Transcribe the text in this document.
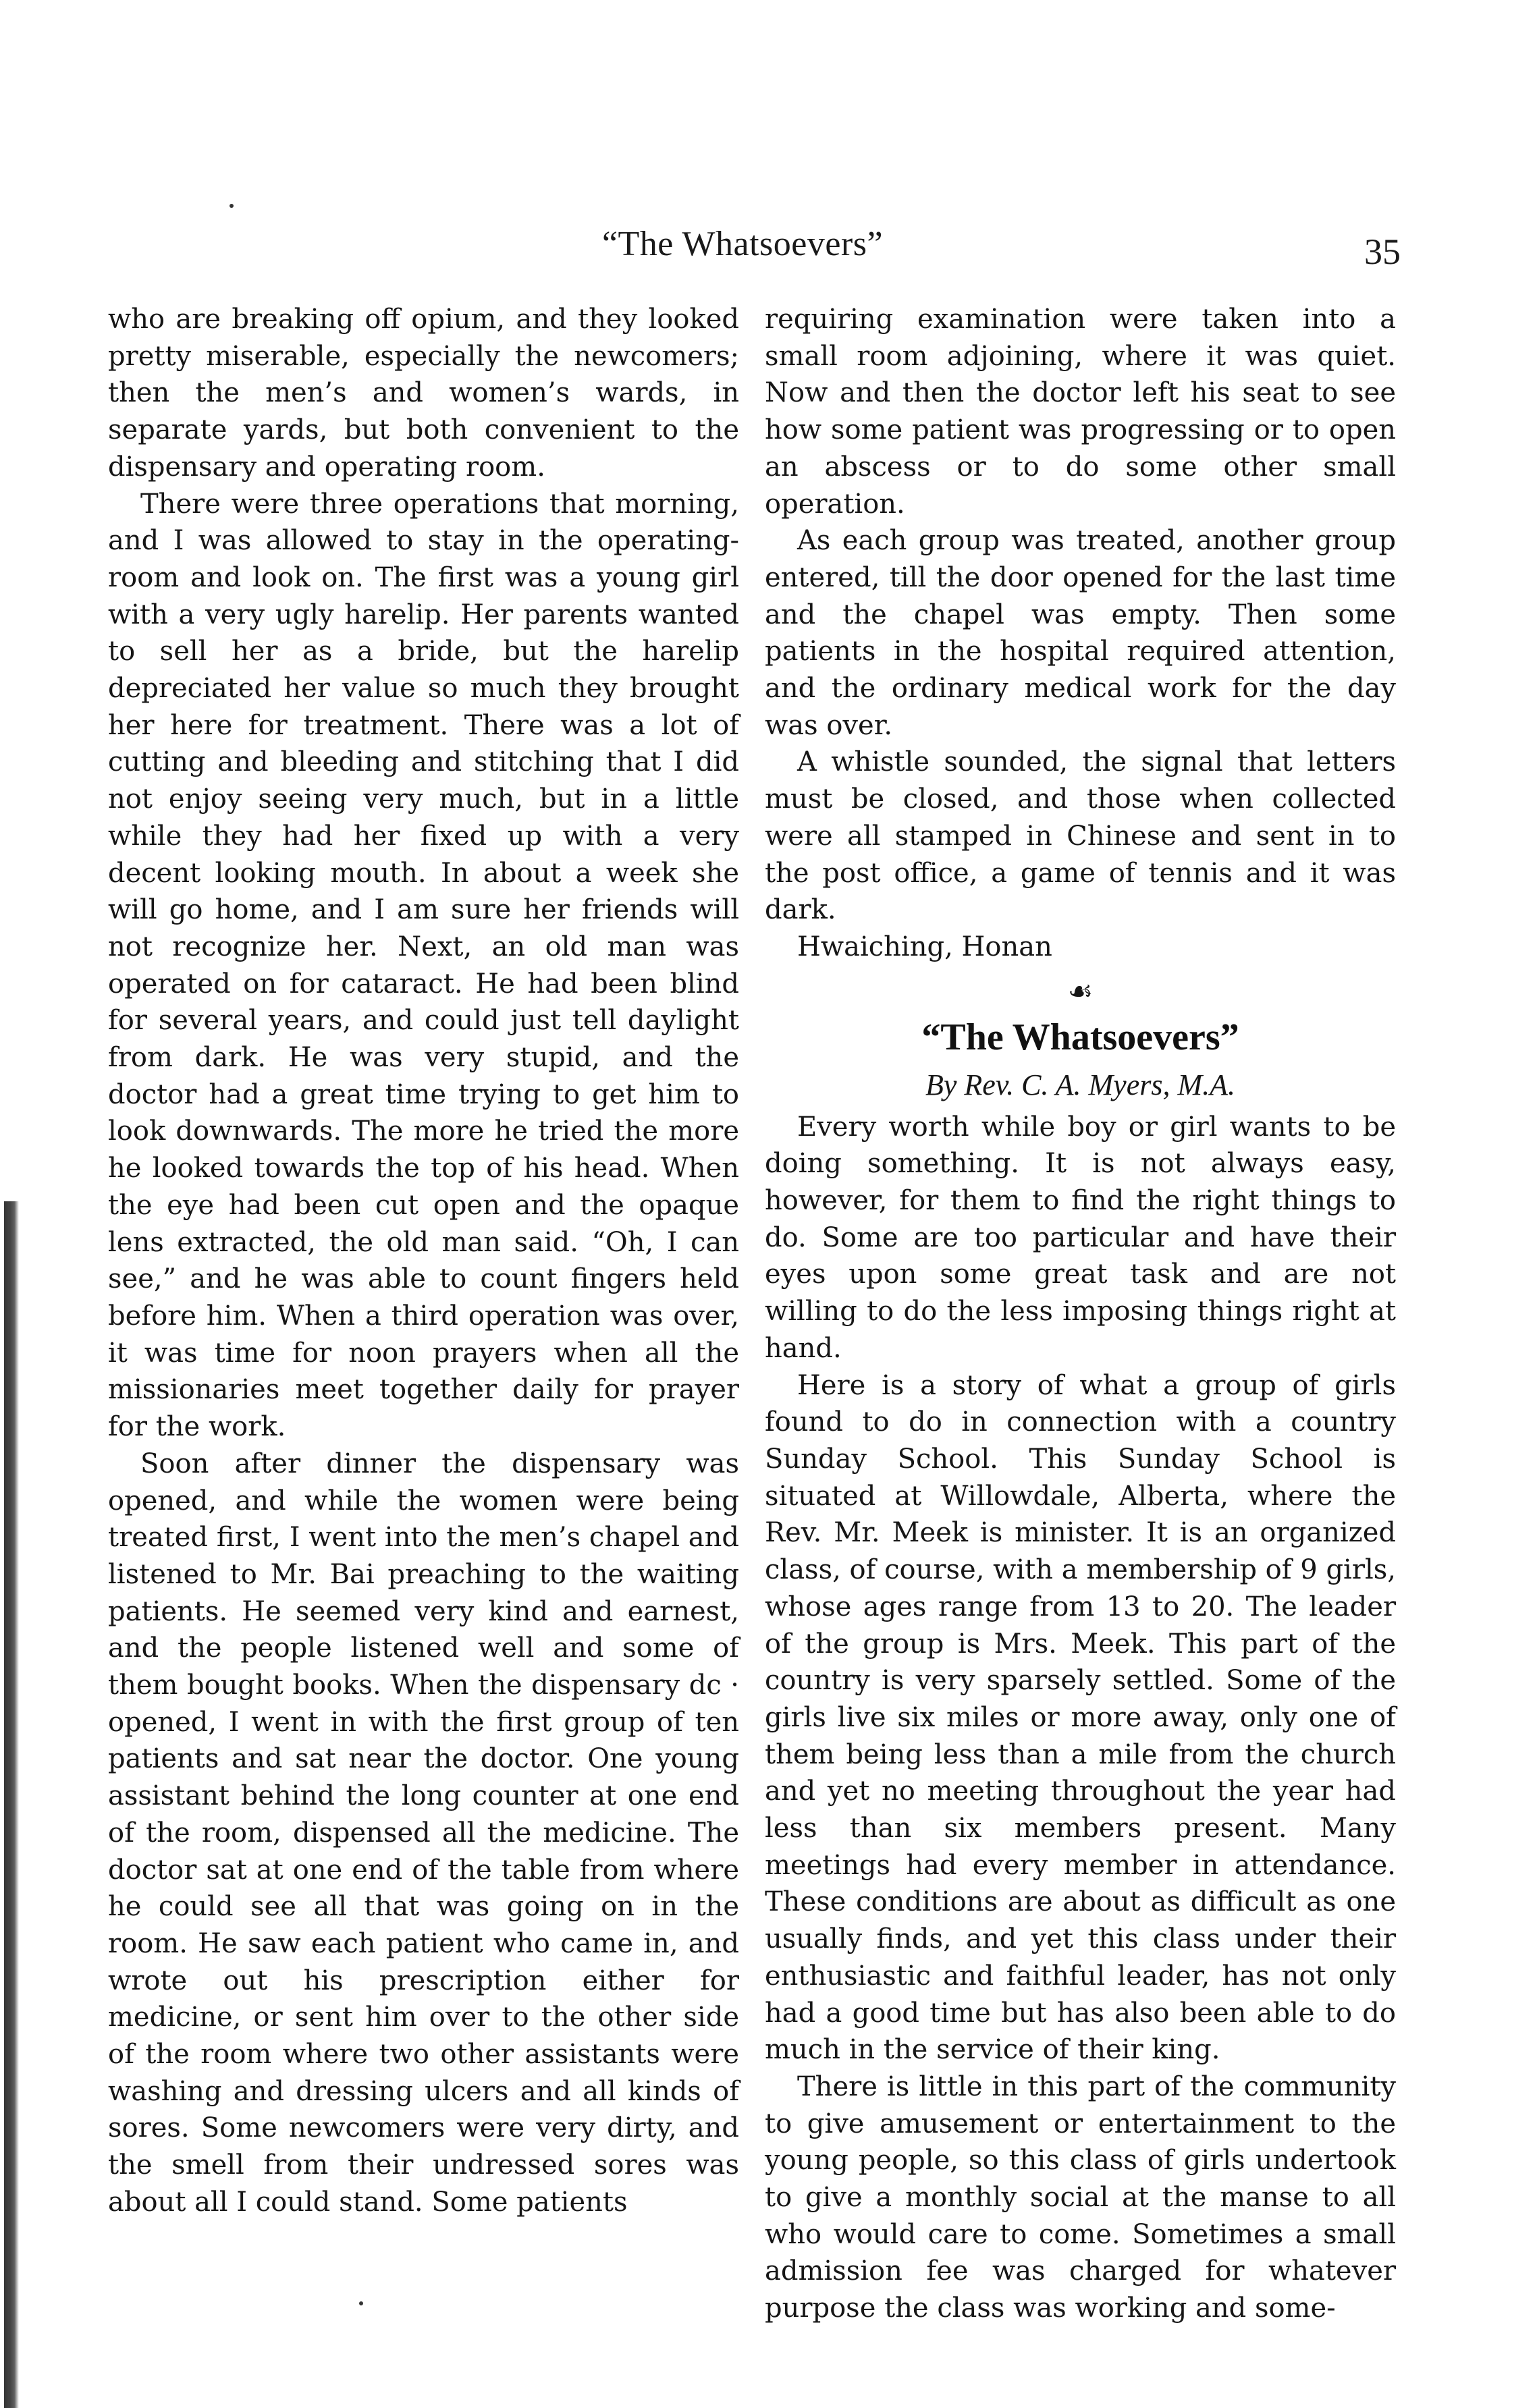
“The Whatsoevers”	35

who are breaking off opium, and they looked pretty miserable, especially the newcomers; then the men’s and women’s wards, in separate yards, but both convenient to the dispensary and operating room.

There were three operations that morning, and I was allowed to stay in the operating-room and look on. The first was a young girl with a very ugly harelip. Her parents wanted to sell her as a bride, but the harelip depreciated her value so much they brought her here for treatment. There was a lot of cutting and bleeding and stitching that I did not enjoy seeing very much, but in a little while they had her fixed up with a very decent looking mouth. In about a week she will go home, and I am sure her friends will not recognize her. Next, an old man was operated on for cataract. He had been blind for several years, and could just tell daylight from dark. He was very stupid, and the doctor had a great time trying to get him to look downwards. The more he tried the more he looked towards the top of his head. When the eye had been cut open and the opaque lens extracted, the old man said. “Oh, I can see,” and he was able to count fingers held before him. When a third operation was over, it was time for noon prayers when all the missionaries meet together daily for prayer for the work.

Soon after dinner the dispensary was opened, and while the women were being treated first, I went into the men’s chapel and listened to Mr. Bai preaching to the waiting patients. He seemed very kind and earnest, and the people listened well and some of them bought books. When the dispensary dc · opened, I went in with the first group of ten patients and sat near the doctor. One young assistant behind the long counter at one end of the room, dispensed all the medicine. The doctor sat at one end of the table from where he could see all that was going on in the room. He saw each patient who came in, and wrote out his prescription either for medicine, or sent him over to the other side of the room where two other assistants were washing and dressing ulcers and all kinds of sores. Some newcomers were very dirty, and the smell from their undressed sores was about all I could stand. Some patients

requiring examination were taken into a small room adjoining, where it was quiet. Now and then the doctor left his seat to see how some patient was progressing or to open an abscess or to do some other small operation.

As each group was treated, another group entered, till the door opened for the last time and the chapel was empty. Then some patients in the hospital required attention, and the ordinary medical work for the day was over.

A whistle sounded, the signal that letters must be closed, and those when collected were all stamped in Chinese and sent in to the post office, a game of tennis and it was dark.

Hwaiching, Honan

☙
“The Whatsoevers”
By Rev. C. A. Myers, M.A.

Every worth while boy or girl wants to be doing something. It is not always easy, however, for them to find the right things to do. Some are too particular and have their eyes upon some great task and are not willing to do the less imposing things right at hand.

Here is a story of what a group of girls found to do in connection with a country Sunday School. This Sunday School is situated at Willowdale, Alberta, where the Rev. Mr. Meek is minister. It is an organized class, of course, with a membership of 9 girls, whose ages range from 13 to 20. The leader of the group is Mrs. Meek. This part of the country is very sparsely settled. Some of the girls live six miles or more away, only one of them being less than a mile from the church and yet no meeting throughout the year had less than six members present. Many meetings had every member in attendance. These conditions are about as difficult as one usually finds, and yet this class under their enthusiastic and faithful leader, has not only had a good time but has also been able to do much in the service of their king.

There is little in this part of the community to give amusement or entertainment to the young people, so this class of girls undertook to give a monthly social at the manse to all who would care to come. Sometimes a small admission fee was charged for whatever purpose the class was working and some-
